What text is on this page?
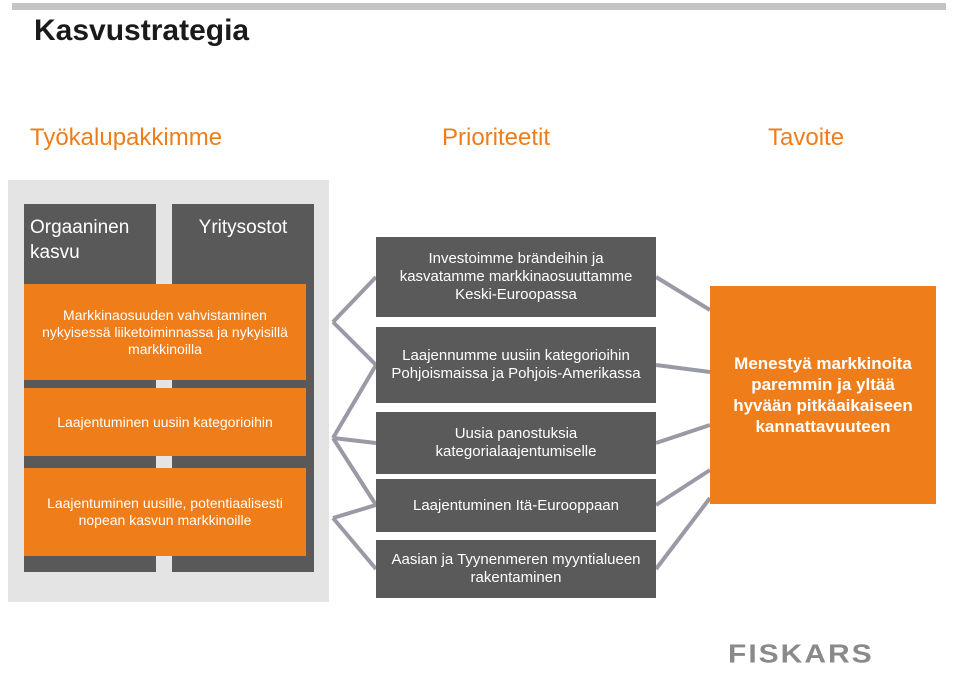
Kasvustrategia
Työkalupakkimme	Prioriteetit	Tavoite
Orgaaninen kasvu
Yritysostot
Markkinaosuuden vahvistaminen nykyisessä liiketoiminnassa ja nykyisillä markkinoilla
Laajentuminen uusiin kategorioihin
Laajentuminen uusille, potentiaalisesti nopean kasvun markkinoille
Investoimme brändeihin ja kasvatamme markkinaosuuttamme Keski-Euroopassa
Laajennumme uusiin kategorioihin Pohjoismaissa ja Pohjois-Amerikassa
Uusia panostuksia kategorialaajentumiselle
Laajentuminen Itä-Eurooppaan
Aasian ja Tyynenmeren myyntialueen rakentaminen
Menestyä markkinoita paremmin ja yltää hyvään pitkäaikaiseen kannattavuuteen
FISKARS
